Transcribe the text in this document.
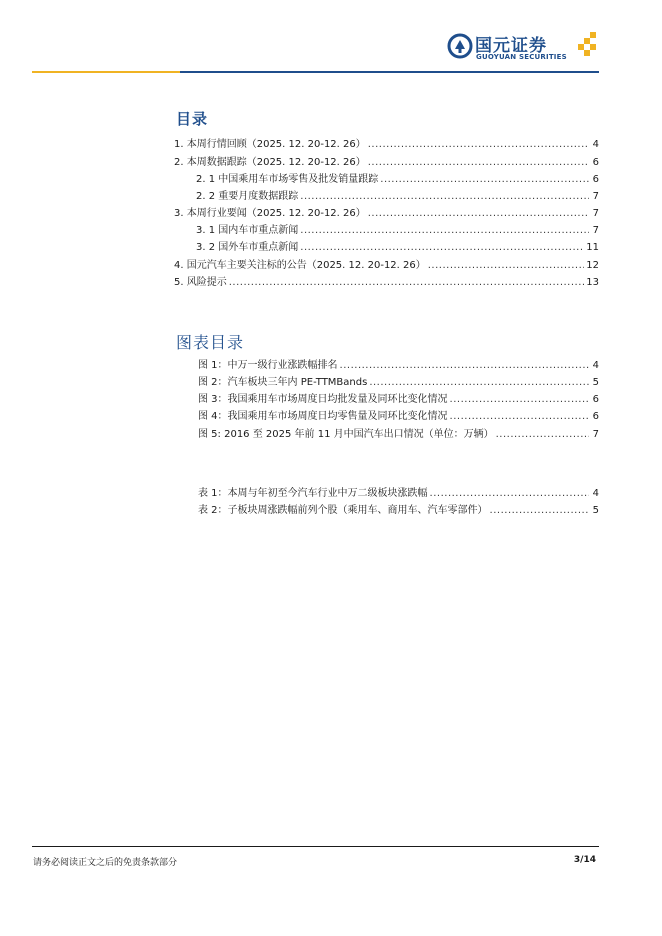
国元证券
GUOYUAN SECURITIES
目录
1. 本周行情回顾（2025. 12. 20-12. 26） .....	4
2. 本周数据跟踪（2025. 12. 20-12. 26） .....	6
2. 1 中国乘用车市场零售及批发销量跟踪 .....	6
2. 2 重要月度数据跟踪 .....	7
3. 本周行业要闻（2025. 12. 20-12. 26） .....	7
3. 1 国内车市重点新闻 .....	7
3. 2 国外车市重点新闻 .....	11
4. 国元汽车主要关注标的公告（2025. 12. 20-12. 26） .....	12
5. 风险提示 .....	13
图表目录
图 1：中万一级行业涨跌幅排名 .....	4
图 2：汽车板块三年内 PE-TTMBands .....	5
图 3：我国乘用车市场周度日均批发量及同环比变化情况 .....	6
图 4：我国乘用车市场周度日均零售量及同环比变化情况 .....	6
图 5: 2016 至 2025 年前 11 月中国汽车出口情况（单位：万辆） .....	7
表 1：本周与年初至今汽车行业中万二级板块涨跌幅 .....	4
表 2：子板块周涨跌幅前列个股（乘用车、商用车、汽车零部件） .....	5
请务必阅读正文之后的免责条款部分	3/14
